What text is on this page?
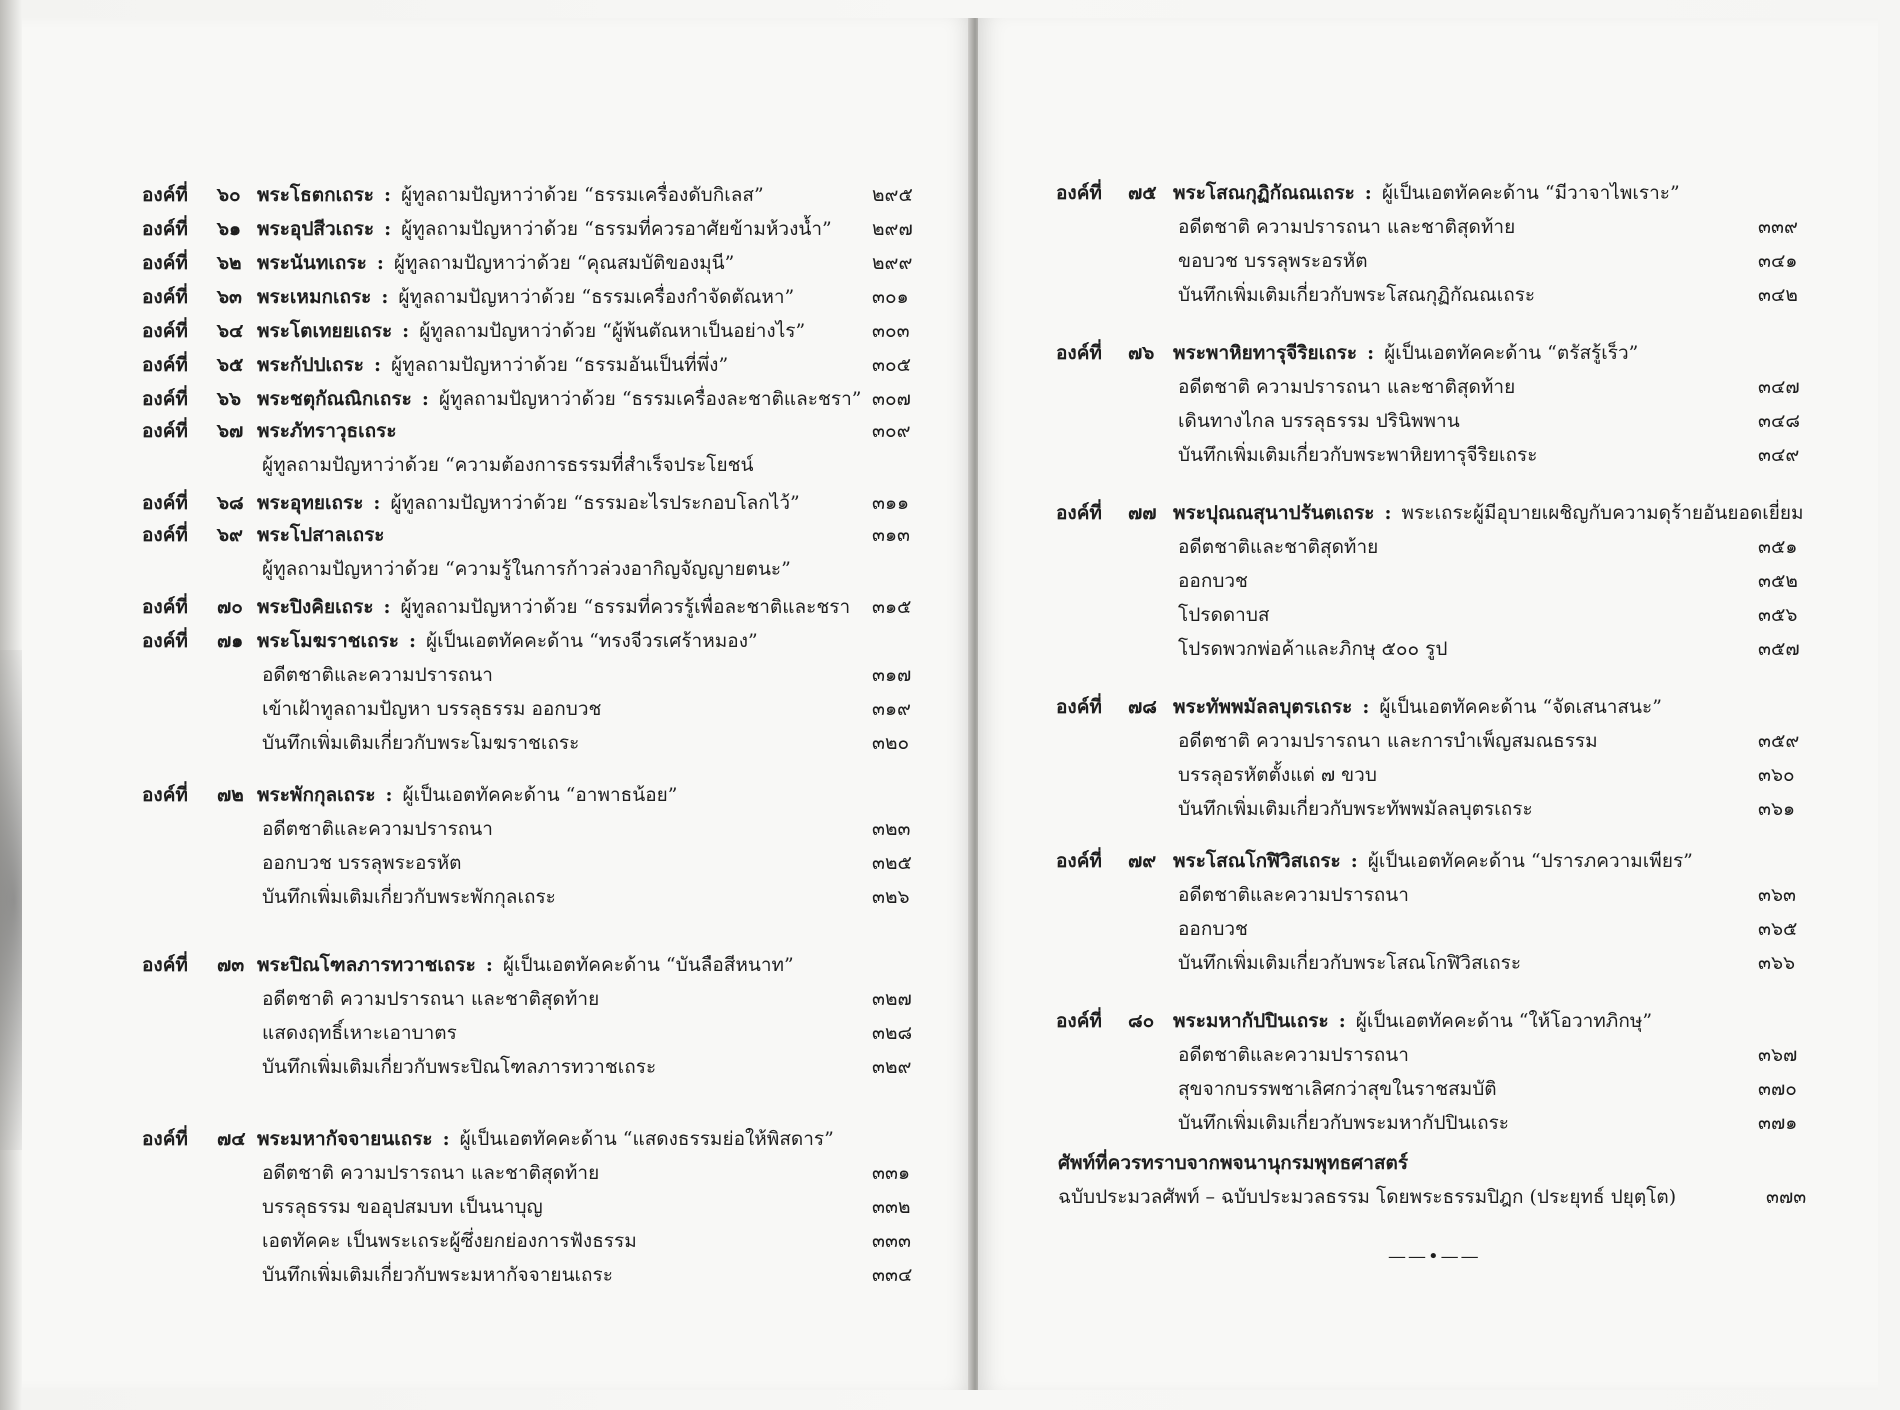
องค์ที่ ๖๐ พระโธตกเถระ : ผู้ทูลถามปัญหาว่าด้วย “ธรรมเครื่องดับกิเลส”	๒๙๕
องค์ที่ ๖๑ พระอุปสีวเถระ : ผู้ทูลถามปัญหาว่าด้วย “ธรรมที่ควรอาศัยข้ามห้วงน้ำ” ๒๙๗
องค์ที่ ๖๒ พระนันทเถระ : ผู้ทูลถามปัญหาว่าด้วย “คุณสมบัติของมุนี”	๒๙๙
องค์ที่ ๖๓ พระเหมกเถระ : ผู้ทูลถามปัญหาว่าด้วย “ธรรมเครื่องกำจัดตัณหา”	๓๐๑
องค์ที่ ๖๔ พระโตเทยยเถระ : ผู้ทูลถามปัญหาว่าด้วย “ผู้พ้นตัณหาเป็นอย่างไร”	๓๐๓
องค์ที่ ๖๕ พระกัปปเถระ : ผู้ทูลถามปัญหาว่าด้วย “ธรรมอันเป็นที่พึ่ง”	๓๐๕
องค์ที่ ๖๖ พระชตุกัณณิกเถระ : ผู้ทูลถามปัญหาว่าด้วย “ธรรมเครื่องละชาติและชรา” ๓๐๗
องค์ที่ ๖๗ พระภัทราวุธเถระ	๓๐๙
ผู้ทูลถามปัญหาว่าด้วย “ความต้องการธรรมที่สำเร็จประโยชน์
องค์ที่ ๖๘ พระอุทยเถระ : ผู้ทูลถามปัญหาว่าด้วย “ธรรมอะไรประกอบโลกไว้”	๓๑๑
องค์ที่ ๖๙ พระโปสาลเถระ	๓๑๓
ผู้ทูลถามปัญหาว่าด้วย “ความรู้ในการก้าวล่วงอากิญจัญญายตนะ”
องค์ที่ ๗๐ พระปิงคิยเถระ : ผู้ทูลถามปัญหาว่าด้วย “ธรรมที่ควรรู้เพื่อละชาติและชรา ๓๑๕
องค์ที่ ๗๑ พระโมฆราชเถระ : ผู้เป็นเอตทัคคะด้าน “ทรงจีวรเศร้าหมอง”
อดีตชาติและความปรารถนา	๓๑๗
เข้าเฝ้าทูลถามปัญหา บรรลุธรรม ออกบวช	๓๑๙
บันทึกเพิ่มเติมเกี่ยวกับพระโมฆราชเถระ	๓๒๐
องค์ที่ ๗๒ พระพักกุลเถระ : ผู้เป็นเอตทัคคะด้าน “อาพาธน้อย”
อดีตชาติและความปรารถนา	๓๒๓
ออกบวช บรรลุพระอรหัต	๓๒๕
บันทึกเพิ่มเติมเกี่ยวกับพระพักกุลเถระ	๓๒๖
องค์ที่ ๗๓ พระปิณโฑลภารทวาชเถระ : ผู้เป็นเอตทัคคะด้าน “บันลือสีหนาท”
อดีตชาติ ความปรารถนา และชาติสุดท้าย	๓๒๗
แสดงฤทธิ์เหาะเอาบาตร	๓๒๘
บันทึกเพิ่มเติมเกี่ยวกับพระปิณโฑลภารทวาชเถระ	๓๒๙
องค์ที่ ๗๔ พระมหากัจจายนเถระ : ผู้เป็นเอตทัคคะด้าน “แสดงธรรมย่อให้พิสดาร”
อดีตชาติ ความปรารถนา และชาติสุดท้าย	๓๓๑
บรรลุธรรม ขออุปสมบท เป็นนาบุญ	๓๓๒
เอตทัคคะ เป็นพระเถระผู้ซึ่งยกย่องการฟังธรรม	๓๓๓
บันทึกเพิ่มเติมเกี่ยวกับพระมหากัจจายนเถระ	๓๓๔
องค์ที่ ๗๕ พระโสณกุฏิกัณณเถระ : ผู้เป็นเอตทัคคะด้าน “มีวาจาไพเราะ”
อดีตชาติ ความปรารถนา และชาติสุดท้าย	๓๓๙
ขอบวช บรรลุพระอรหัต	๓๔๑
บันทึกเพิ่มเติมเกี่ยวกับพระโสณกุฏิกัณณเถระ	๓๔๒
องค์ที่ ๗๖ พระพาหิยทารุจีริยเถระ : ผู้เป็นเอตทัคคะด้าน “ตรัสรู้เร็ว”
อดีตชาติ ความปรารถนา และชาติสุดท้าย	๓๔๗
เดินทางไกล บรรลุธรรม ปรินิพพาน	๓๔๘
บันทึกเพิ่มเติมเกี่ยวกับพระพาหิยทารุจีริยเถระ	๓๔๙
องค์ที่ ๗๗ พระปุณณสุนาปรันตเถระ : พระเถระผู้มีอุบายเผชิญกับความดุร้ายอันยอดเยี่ยม
อดีตชาติและชาติสุดท้าย	๓๕๑
ออกบวช	๓๕๒
โปรดดาบส	๓๕๖
โปรดพวกพ่อค้าและภิกษุ ๕๐๐ รูป	๓๕๗
องค์ที่ ๗๘ พระทัพพมัลลบุตรเถระ : ผู้เป็นเอตทัคคะด้าน “จัดเสนาสนะ”
อดีตชาติ ความปรารถนา และการบำเพ็ญสมณธรรม	๓๕๙
บรรลุอรหัตตั้งแต่ ๗ ขวบ	๓๖๐
บันทึกเพิ่มเติมเกี่ยวกับพระทัพพมัลลบุตรเถระ	๓๖๑
องค์ที่ ๗๙ พระโสณโกฬิวิสเถระ : ผู้เป็นเอตทัคคะด้าน “ปรารภความเพียร”
อดีตชาติและความปรารถนา	๓๖๓
ออกบวช	๓๖๕
บันทึกเพิ่มเติมเกี่ยวกับพระโสณโกฬิวิสเถระ	๓๖๖
องค์ที่ ๘๐ พระมหากัปปินเถระ : ผู้เป็นเอตทัคคะด้าน “ให้โอวาทภิกษุ”
อดีตชาติและความปรารถนา	๓๖๗
สุขจากบรรพชาเลิศกว่าสุขในราชสมบัติ	๓๗๐
บันทึกเพิ่มเติมเกี่ยวกับพระมหากัปปินเถระ	๓๗๑
ศัพท์ที่ควรทราบจากพจนานุกรมพุทธศาสตร์
ฉบับประมวลศัพท์ – ฉบับประมวลธรรม โดยพระธรรมปิฎก (ประยุทธ์ ปยุตฺโต)	๓๗๓
——•——
